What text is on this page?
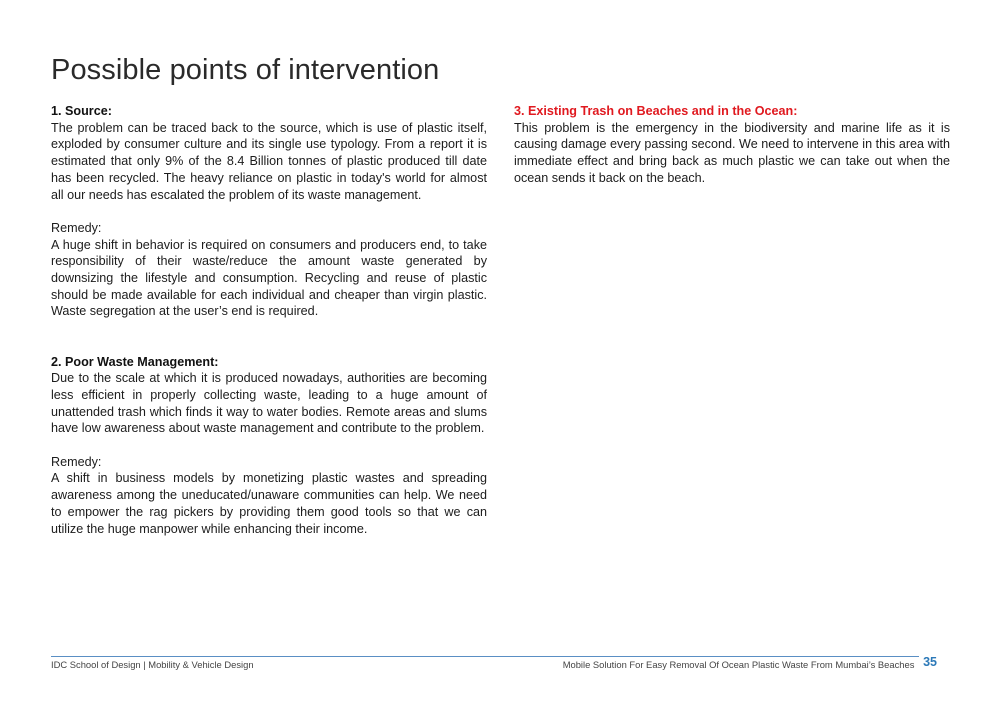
Possible points of intervention

1. Source:

The problem can be traced back to the source, which is use of plastic itself, exploded by consumer culture and its single use typology. From a report it is estimated that only 9% of the 8.4 Billion tonnes of plastic produced till date has been recycled. The heavy reliance on plastic in today's world for almost all our needs has escalated the problem of its waste management.

Remedy:

A huge shift in behavior is required on consumers and producers end, to take responsibility of their waste/reduce the amount waste generated by downsizing the lifestyle and consumption. Recycling and reuse of plastic should be made available for each individual and cheaper than virgin plastic. Waste segregation at the user’s end is required.

2. Poor Waste Management:

Due to the scale at which it is produced nowadays, authorities are becoming less efficient in properly collecting waste, leading to a huge amount of unattended trash which finds it way to water bodies. Remote areas and slums have low awareness about waste management and contribute to the problem.

Remedy:

A shift in business models by monetizing plastic wastes and spreading awareness among the uneducated/unaware communities can help. We need to empower the rag pickers by providing them good tools so that we can utilize the huge manpower while enhancing their income.

3. Existing Trash on Beaches and in the Ocean:

This problem is the emergency in the biodiversity and marine life as it is causing damage every passing second. We need to intervene in this area with immediate effect and bring back as much plastic we can take out when the ocean sends it back on the beach.

IDC School of Design | Mobility & Vehicle Design	Mobile Solution For Easy Removal Of Ocean Plastic Waste From Mumbai’s Beaches 35
